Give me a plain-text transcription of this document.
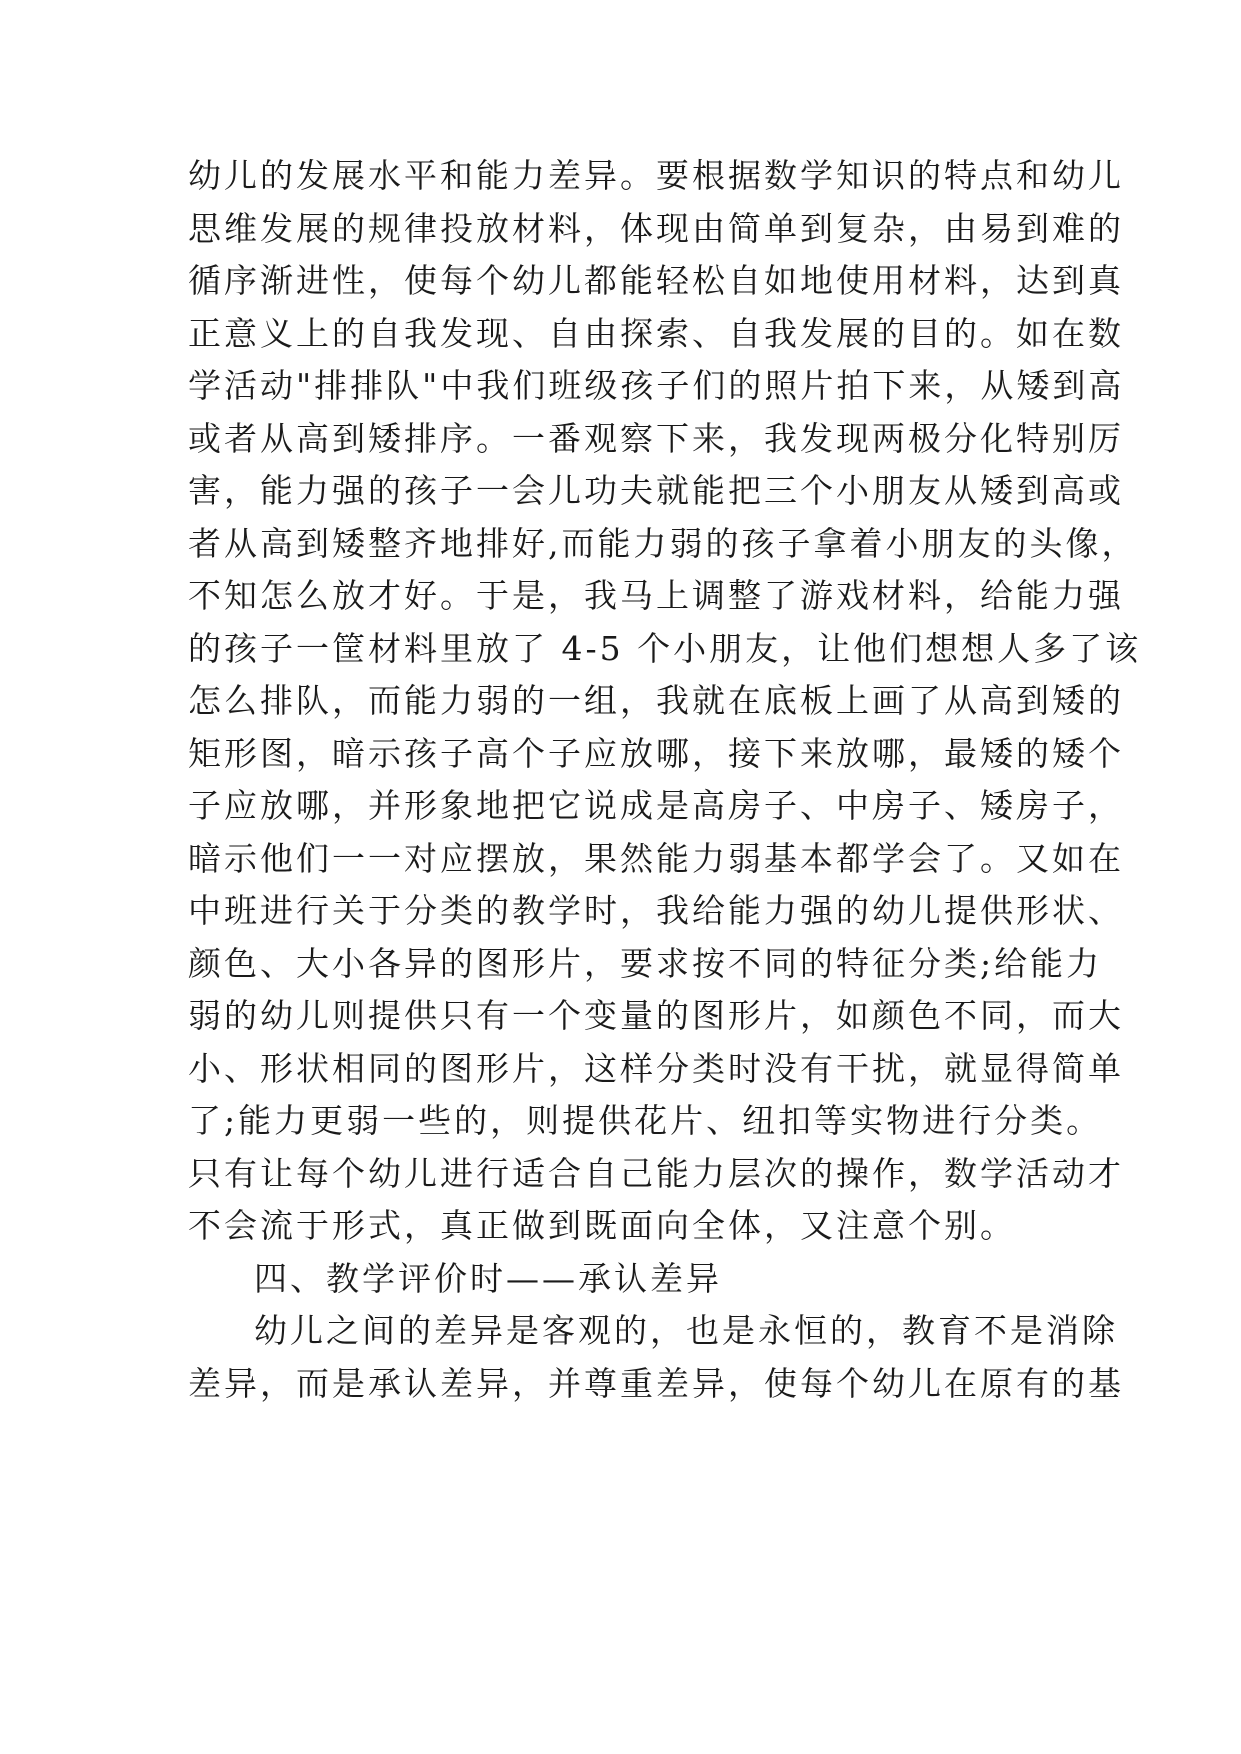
幼儿的发展水平和能力差异。要根据数学知识的特点和幼儿
思维发展的规律投放材料，体现由简单到复杂，由易到难的
循序渐进性，使每个幼儿都能轻松自如地使用材料，达到真
正意义上的自我发现、自由探索、自我发展的目的。如在数
学活动"排排队"中我们班级孩子们的照片拍下来，从矮到高
或者从高到矮排序。一番观察下来，我发现两极分化特别厉
害，能力强的孩子一会儿功夫就能把三个小朋友从矮到高或
者从高到矮整齐地排好,而能力弱的孩子拿着小朋友的头像，
不知怎么放才好。于是，我马上调整了游戏材料，给能力强
的孩子一筐材料里放了 4-5 个小朋友，让他们想想人多了该
怎么排队，而能力弱的一组，我就在底板上画了从高到矮的
矩形图，暗示孩子高个子应放哪，接下来放哪，最矮的矮个
子应放哪，并形象地把它说成是高房子、中房子、矮房子，
暗示他们一一对应摆放，果然能力弱基本都学会了。又如在
中班进行关于分类的教学时，我给能力强的幼儿提供形状、
颜色、大小各异的图形片，要求按不同的特征分类;给能力
弱的幼儿则提供只有一个变量的图形片，如颜色不同，而大
小、形状相同的图形片，这样分类时没有干扰，就显得简单
了;能力更弱一些的，则提供花片、纽扣等实物进行分类。
只有让每个幼儿进行适合自己能力层次的操作，数学活动才
不会流于形式，真正做到既面向全体，又注意个别。
四、教学评价时——承认差异
幼儿之间的差异是客观的，也是永恒的，教育不是消除
差异，而是承认差异，并尊重差异，使每个幼儿在原有的基
